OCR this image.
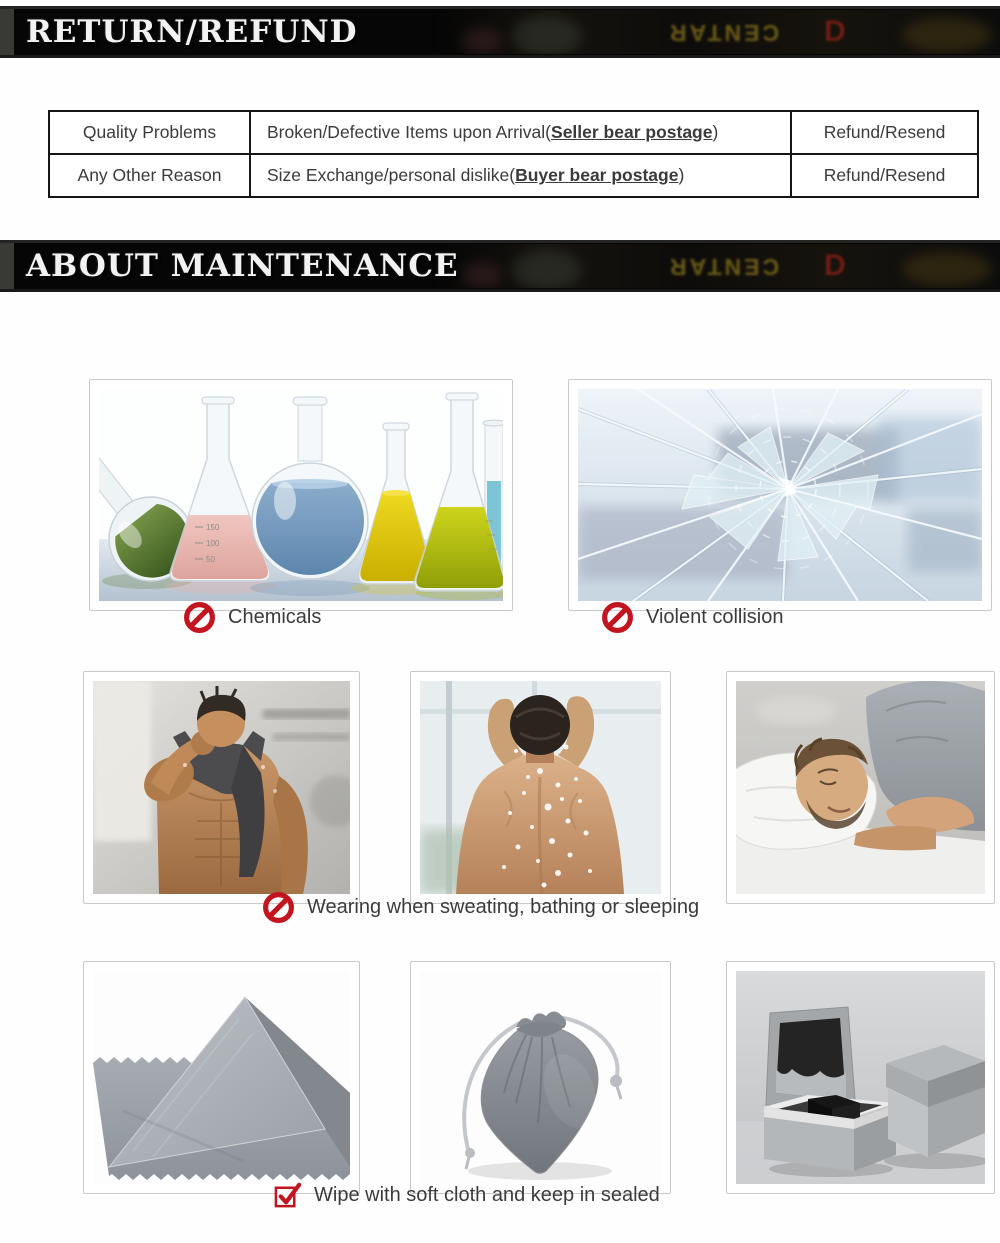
CENTAR D
RETURN/REFUND
Quality Problems	Broken/Defective Items upon Arrival(Seller bear postage)	Refund/Resend
Any Other Reason	Size Exchange/personal dislike(Buyer bear postage)	Refund/Resend
CENTAR D
ABOUT MAINTENANCE
150
100
50
Chemicals	Violent collision
Wearing when sweating, bathing or sleeping
Wipe with soft cloth and keep in sealed
